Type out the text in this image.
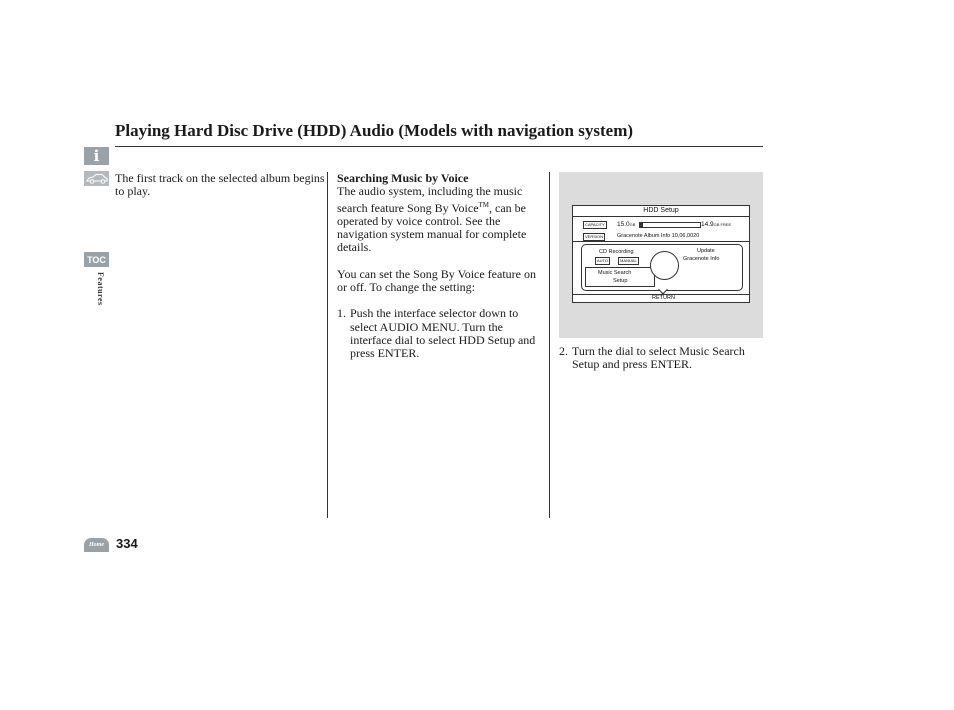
Playing Hard Disc Drive (HDD) Audio (Models with navigation system)
i
TOC
Features

The first track on the selected album begins to play.

Searching Music by Voice

The audio system, including the music search feature Song By Voice™, can be operated by voice control. See the navigation system manual for complete details.

You can set the Song By Voice feature on or off. To change the setting:

1. Push the interface selector down to select AUDIO MENU. Turn the interface dial to select HDD Setup and press ENTER.
HDD Setup
CAPACITY	15.0GB	14.9GB FREE
VERSION	Gracenote Album Info 10,06,0020
CD Recording
AUTO	MANUAL
Update
Gracenote Info
Music Search
Setup
RETURN
2. Turn the dial to select Music Search Setup and press ENTER.
Home 334
